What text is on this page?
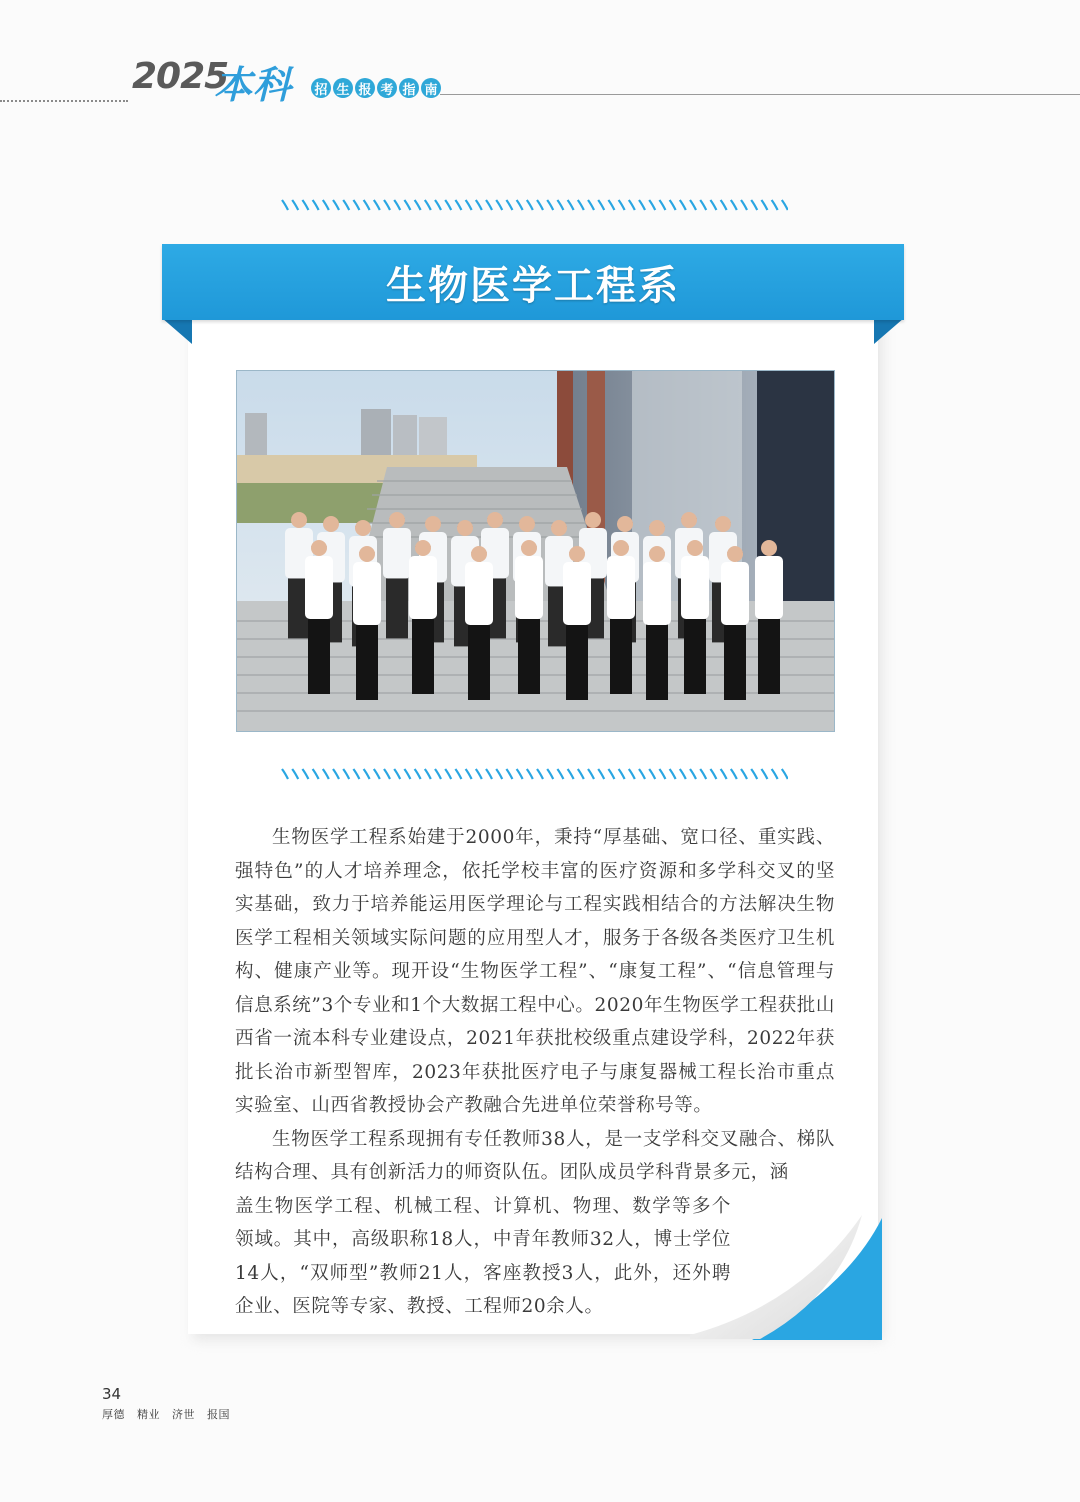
2025
本科 招 生 报 考 指 南
生物医学工程系

生物医学工程系始建于2000年，秉持“厚基础、宽口径、重实践、强特色”的人才培养理念，依托学校丰富的医疗资源和多学科交叉的坚实基础，致力于培养能运用医学理论与工程实践相结合的方法解决生物医学工程相关领域实际问题的应用型人才，服务于各级各类医疗卫生机构、健康产业等。现开设“生物医学工程”、“康复工程”、“信息管理与信息系统”3个专业和1个大数据工程中心。2020年生物医学工程获批山西省一流本科专业建设点，2021年获批校级重点建设学科，2022年获批长治市新型智库，2023年获批医疗电子与康复器械工程长治市重点实验室、山西省教授协会产教融合先进单位荣誉称号等。

生物医学工程系现拥有专任教师38人，是一支学科交叉融合、梯队结构合理、具有创新活力的师资队伍。团队成员学科背景多元，涵

盖生物医学工程、机械工程、计算机、物理、数学等多个领域。其中，高级职称18人，中青年教师32人，博士学位14人，“双师型”教师21人，客座教授3人，此外，还外聘企业、医院等专家、教授、工程师20余人。

34
厚德 精业 济世 报国
